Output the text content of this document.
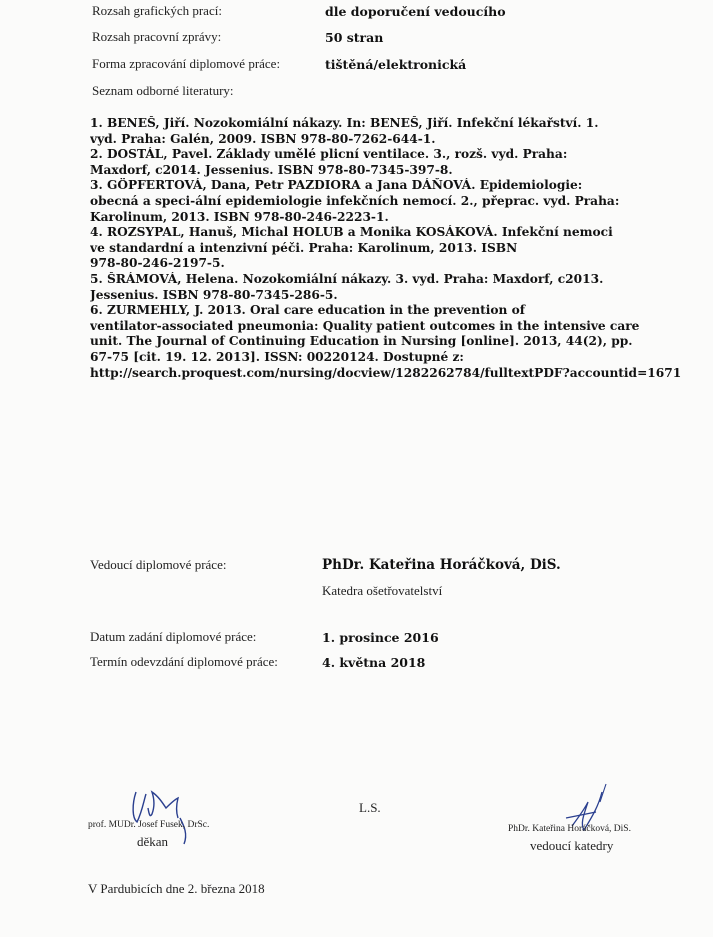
Rozsah grafických prací:	dle doporučení vedoucího
Rozsah pracovní zprávy:	50 stran
Forma zpracování diplomové práce:	tištěná/elektronická
Seznam odborné literatury:
1. BENEŠ, Jiří. Nozokomiální nákazy. In: BENEŠ, Jiří. Infekční lékařství. 1.
vyd. Praha: Galén, 2009. ISBN 978-80-7262-644-1.
2. DOSTÁL, Pavel. Základy umělé plicní ventilace. 3., rozš. vyd. Praha:
Maxdorf, c2014. Jessenius. ISBN 978-80-7345-397-8.
3. GÖPFERTOVÁ, Dana, Petr PAZDIORA a Jana DÁŇOVÁ. Epidemiologie:
obecná a speci-ální epidemiologie infekčních nemocí. 2., přeprac. vyd. Praha:
Karolinum, 2013. ISBN 978-80-246-2223-1.
4. ROZSYPAL, Hanuš, Michal HOLUB a Monika KOSÁKOVÁ. Infekční nemoci
ve standardní a intenzivní péči. Praha: Karolinum, 2013. ISBN
978-80-246-2197-5.
5. ŠRÁMOVÁ, Helena. Nozokomiální nákazy. 3. vyd. Praha: Maxdorf, c2013.
Jessenius. ISBN 978-80-7345-286-5.
6. ZURMEHLY, J. 2013. Oral care education in the prevention of
ventilator-associated pneumonia: Quality patient outcomes in the intensive care
unit. The Journal of Continuing Education in Nursing [online]. 2013, 44(2), pp.
67-75 [cit. 19. 12. 2013]. ISSN: 00220124. Dostupné z:
http://search.proquest.com/nursing/docview/1282262784/fulltextPDF?accountid=1671
Vedoucí diplomové práce:	PhDr. Kateřina Horáčková, DiS.
Katedra ošetřovatelství
Datum zadání diplomové práce:	1. prosince 2016
Termín odevzdání diplomové práce:	4. května 2018
prof. MUDr. Josef Fusek, DrSc.
děkan
L.S.
PhDr. Kateřina Horáčková, DiS.
vedoucí katedry
V Pardubicích dne 2. března 2018
